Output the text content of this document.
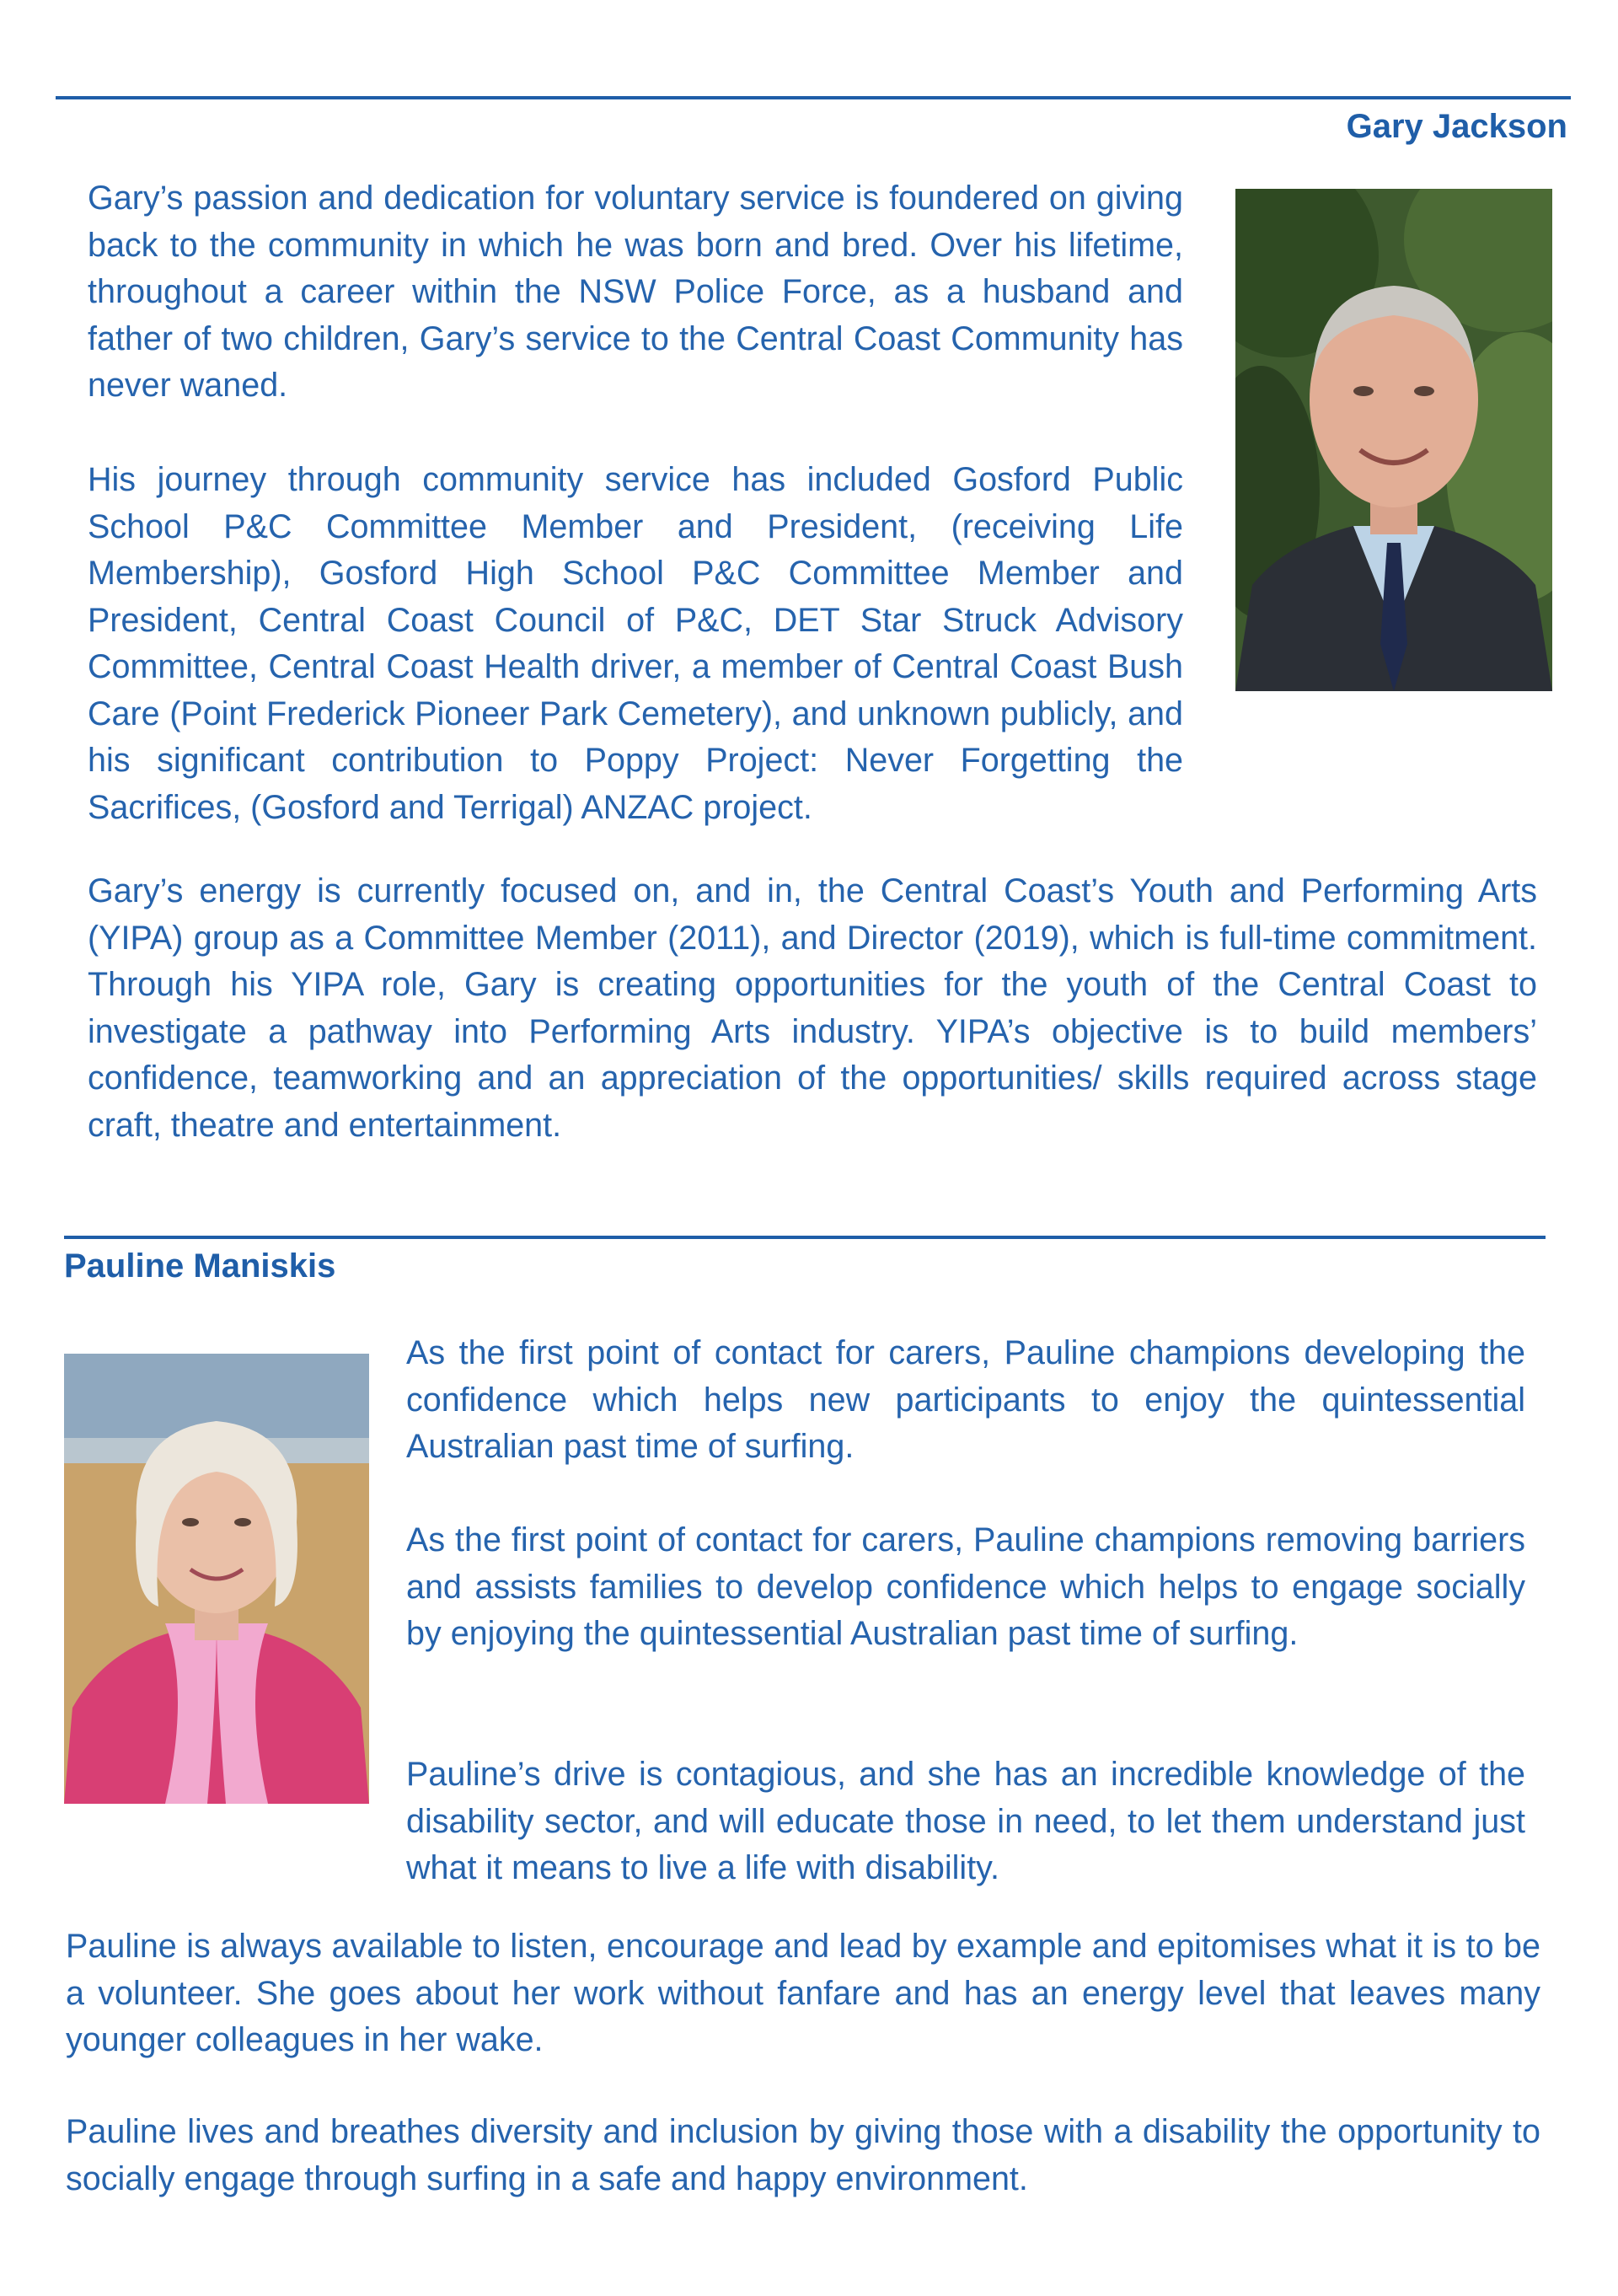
Gary Jackson

Gary’s passion and dedication for voluntary service is foundered on giving back to the community in which he was born and bred. Over his lifetime, throughout a career within the NSW Police Force, as a husband and father of two children, Gary’s service to the Central Coast Community has never waned.

His journey through community service has included Gosford Public School P&C Committee Member and President, (receiving Life Membership), Gosford High School P&C Committee Member and President, Central Coast Council of P&C, DET Star Struck Advisory Committee, Central Coast Health driver, a member of Central Coast Bush Care (Point Frederick Pioneer Park Cemetery), and unknown publicly, and his significant contribution to Poppy Project: Never Forgetting the Sacrifices, (Gosford and Terrigal) ANZAC project.

Gary’s energy is currently focused on, and in, the Central Coast’s Youth and Performing Arts (YIPA) group as a Committee Member (2011), and Director (2019), which is full-time commitment. Through his YIPA role, Gary is creating opportunities for the youth of the Central Coast to investigate a pathway into Performing Arts industry. YIPA’s objective is to build members’ confidence, teamworking and an appreciation of the opportunities/ skills required across stage craft, theatre and entertainment.

Pauline Maniskis

As the first point of contact for carers, Pauline champions developing the confidence which helps new participants to enjoy the quintessential Australian past time of surfing.

As the first point of contact for carers, Pauline champions removing barriers and assists families to develop confidence which helps to engage socially by enjoying the quintessential Australian past time of surfing.

Pauline’s drive is contagious, and she has an incredible knowledge of the disability sector, and will educate those in need, to let them understand just what it means to live a life with disability.

Pauline is always available to listen, encourage and lead by example and epitomises what it is to be a volunteer. She goes about her work without fanfare and has an energy level that leaves many younger colleagues in her wake.

Pauline lives and breathes diversity and inclusion by giving those with a disability the opportunity to socially engage through surfing in a safe and happy environment.
